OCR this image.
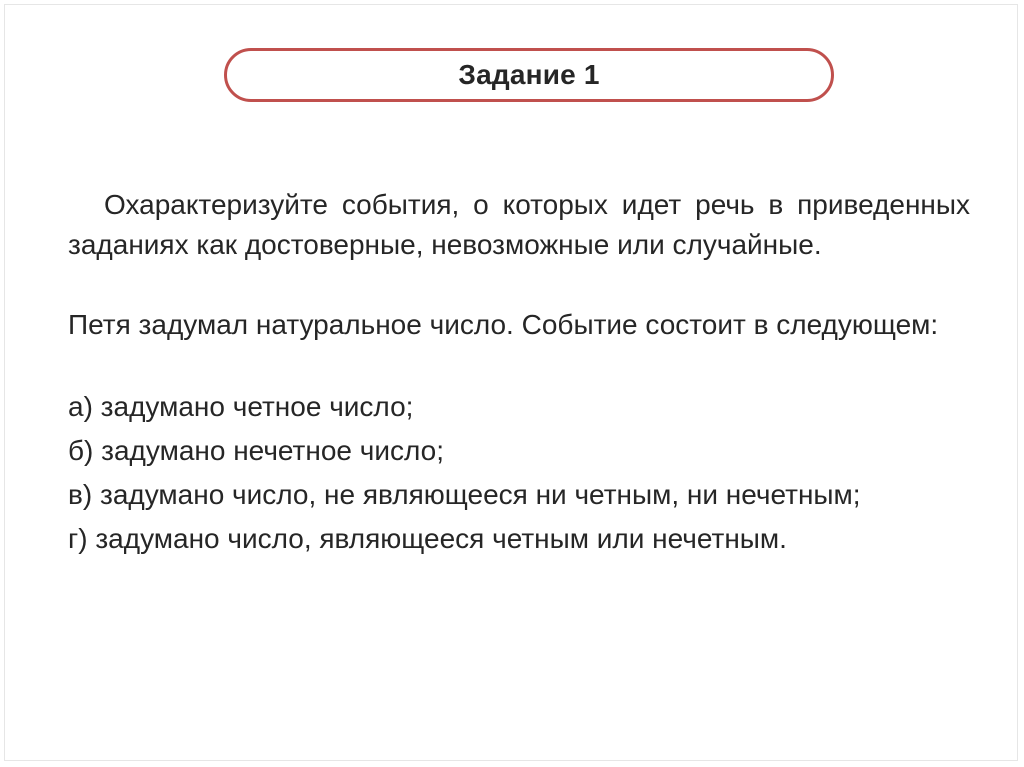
Задание 1

Охарактеризуйте события, о которых идет речь в приведенных заданиях как достоверные, невозможные или случайные.

Петя задумал натуральное число. Событие состоит в следующем:

а) задумано четное число;

б) задумано нечетное число;

в) задумано число, не являющееся ни четным, ни нечетным;

г) задумано число, являющееся четным или нечетным.
